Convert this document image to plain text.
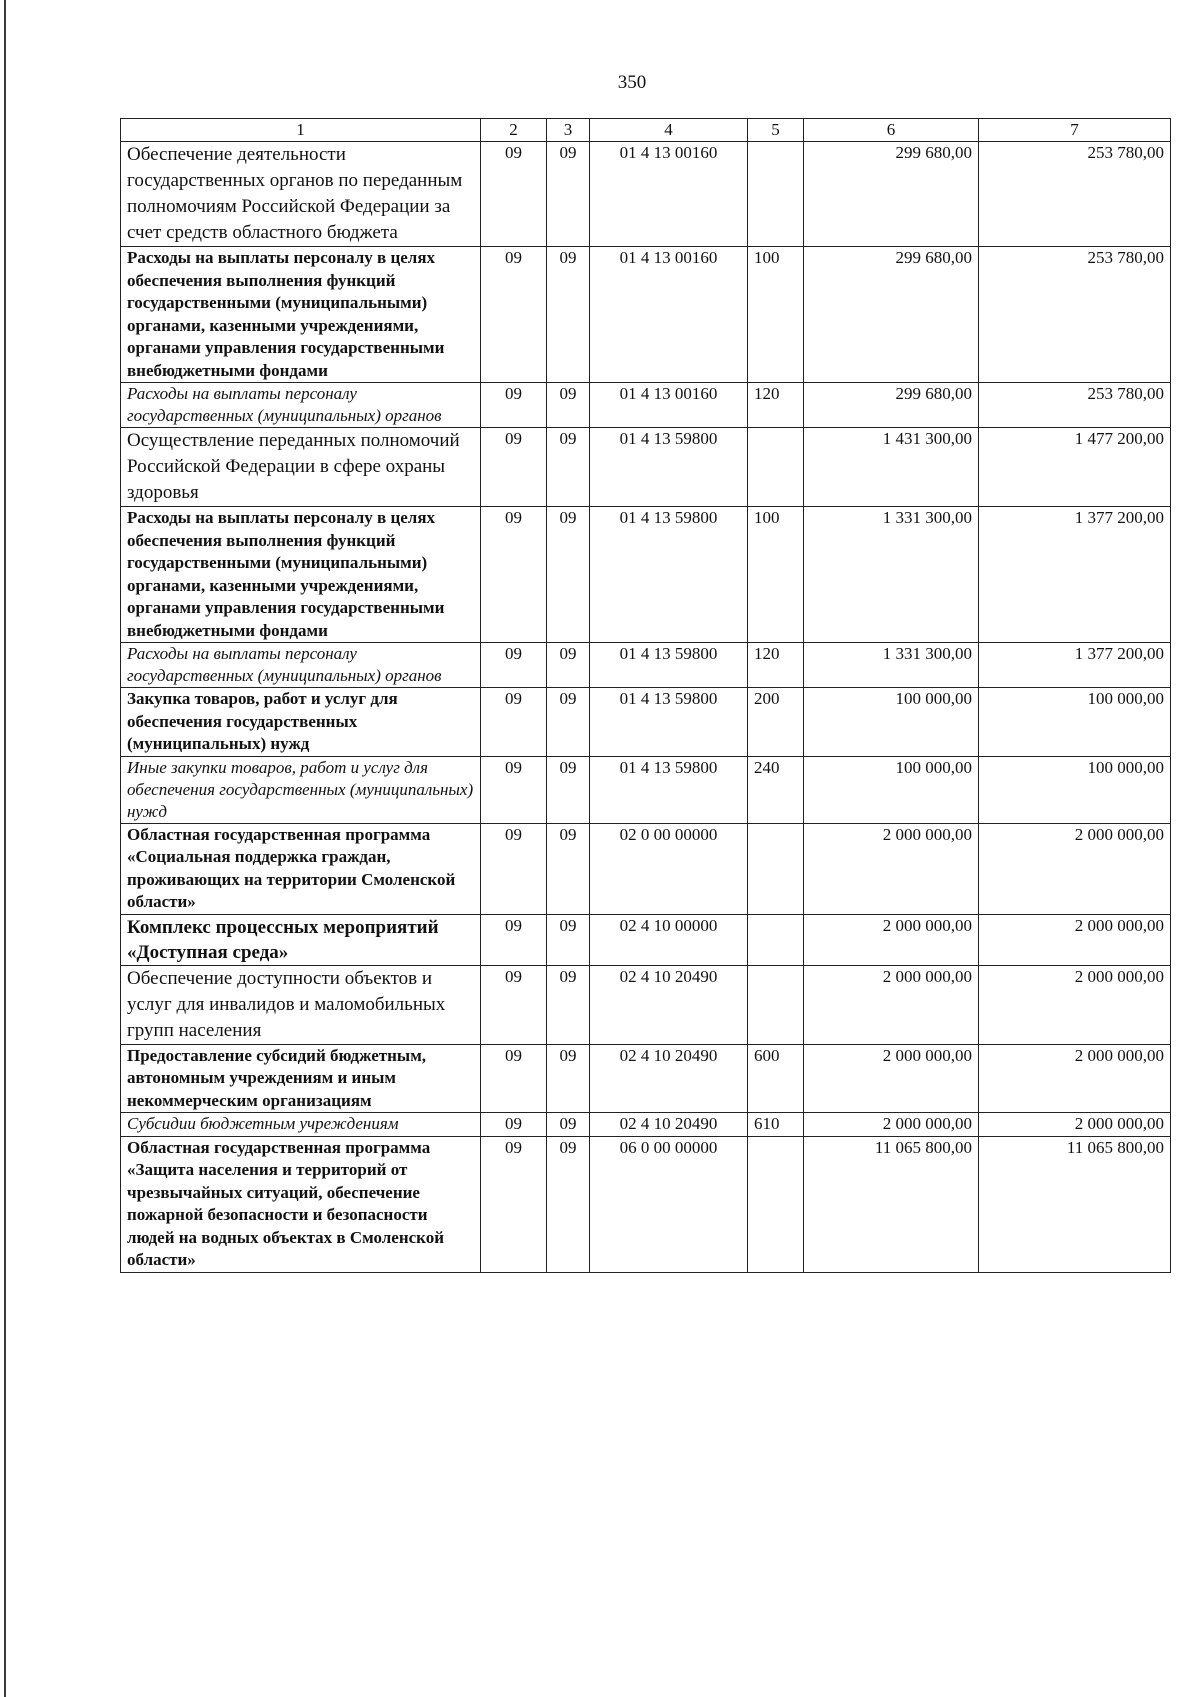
350
1	2	3	4	5	6	7
Обеспечение деятельности государственных органов по переданным полномочиям Российской Федерации за счет средств областного бюджета	09	09	01 4 13 00160		299 680,00	253 780,00
Расходы на выплаты персоналу в целях обеспечения выполнения функций государственными (муниципальными) органами, казенными учреждениями, органами управления государственными внебюджетными фондами	09	09	01 4 13 00160	100	299 680,00	253 780,00
Расходы на выплаты персоналу государственных (муниципальных) органов	09	09	01 4 13 00160	120	299 680,00	253 780,00
Осуществление переданных полномочий Российской Федерации в сфере охраны здоровья	09	09	01 4 13 59800		1 431 300,00	1 477 200,00
Расходы на выплаты персоналу в целях обеспечения выполнения функций государственными (муниципальными) органами, казенными учреждениями, органами управления государственными внебюджетными фондами	09	09	01 4 13 59800	100	1 331 300,00	1 377 200,00
Расходы на выплаты персоналу государственных (муниципальных) органов	09	09	01 4 13 59800	120	1 331 300,00	1 377 200,00
Закупка товаров, работ и услуг для обеспечения государственных (муниципальных) нужд	09	09	01 4 13 59800	200	100 000,00	100 000,00
Иные закупки товаров, работ и услуг для обеспечения государственных (муниципальных) нужд	09	09	01 4 13 59800	240	100 000,00	100 000,00
Областная государственная программа «Социальная поддержка граждан, проживающих на территории Смоленской области»	09	09	02 0 00 00000		2 000 000,00	2 000 000,00
Комплекс процессных мероприятий «Доступная среда»	09	09	02 4 10 00000		2 000 000,00	2 000 000,00
Обеспечение доступности объектов и услуг для инвалидов и маломобильных групп населения	09	09	02 4 10 20490		2 000 000,00	2 000 000,00
Предоставление субсидий бюджетным, автономным учреждениям и иным некоммерческим организациям	09	09	02 4 10 20490	600	2 000 000,00	2 000 000,00
Субсидии бюджетным учреждениям	09	09	02 4 10 20490	610	2 000 000,00	2 000 000,00
Областная государственная программа «Защита населения и территорий от чрезвычайных ситуаций, обеспечение пожарной безопасности и безопасности людей на водных объектах в Смоленской области»	09	09	06 0 00 00000		11 065 800,00	11 065 800,00
